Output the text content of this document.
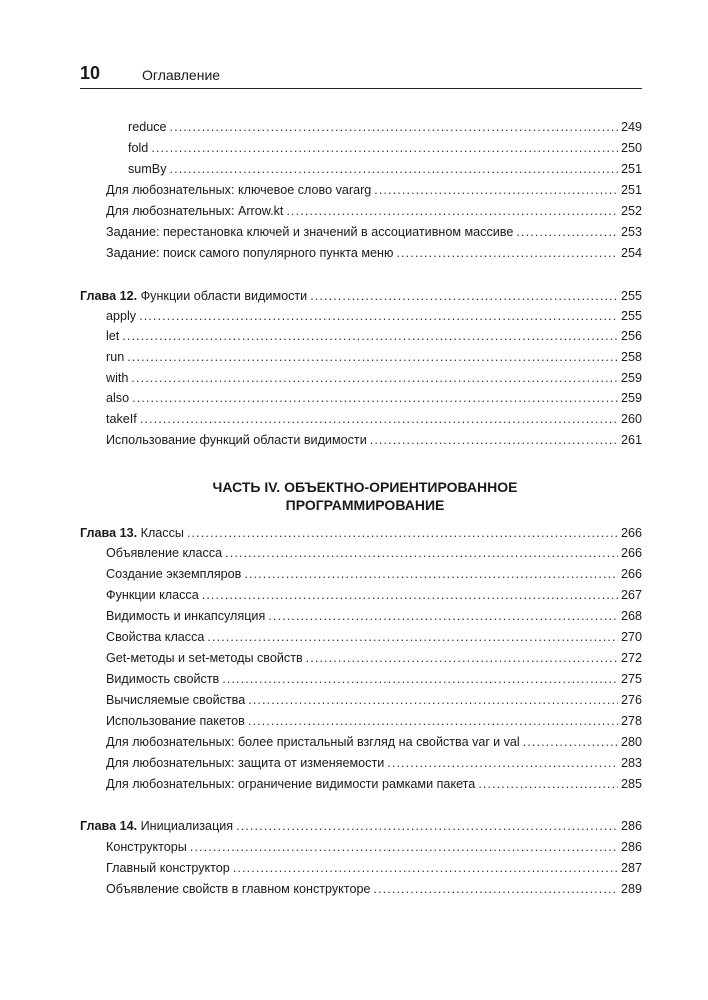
10	Оглавление
reduce . . .	249
fold . . .	250
sumBy . . .	251
Для любознательных: ключевое слово vararg . . .	251
Для любознательных: Arrow.kt . . .	252
Задание: перестановка ключей и значений в ассоциативном массиве . . .	253
Задание: поиск самого популярного пункта меню . . .	254
Глава 12. Функции области видимости . . .	255
apply . . .	255
let . . .	256
run . . .	258
with . . .	259
also . . .	259
takeIf . . .	260
Использование функций области видимости . . .	261
ЧАСТЬ IV. ОБЪЕКТНО-ОРИЕНТИРОВАННОЕ
ПРОГРАММИРОВАНИЕ
Глава 13. Классы . . .	266
Объявление класса . . .	266
Создание экземпляров . . .	266
Функции класса . . .	267
Видимость и инкапсуляция . . .	268
Свойства класса . . .	270
Get-методы и set-методы свойств . . .	272
Видимость свойств . . .	275
Вычисляемые свойства . . .	276
Использование пакетов . . .	278
Для любознательных: более пристальный взгляд на свойства var и val . . .	280
Для любознательных: защита от изменяемости . . .	283
Для любознательных: ограничение видимости рамками пакета . . .	285
Глава 14. Инициализация . . .	286
Конструкторы . . .	286
Главный конструктор . . .	287
Объявление свойств в главном конструкторе . . .	289
